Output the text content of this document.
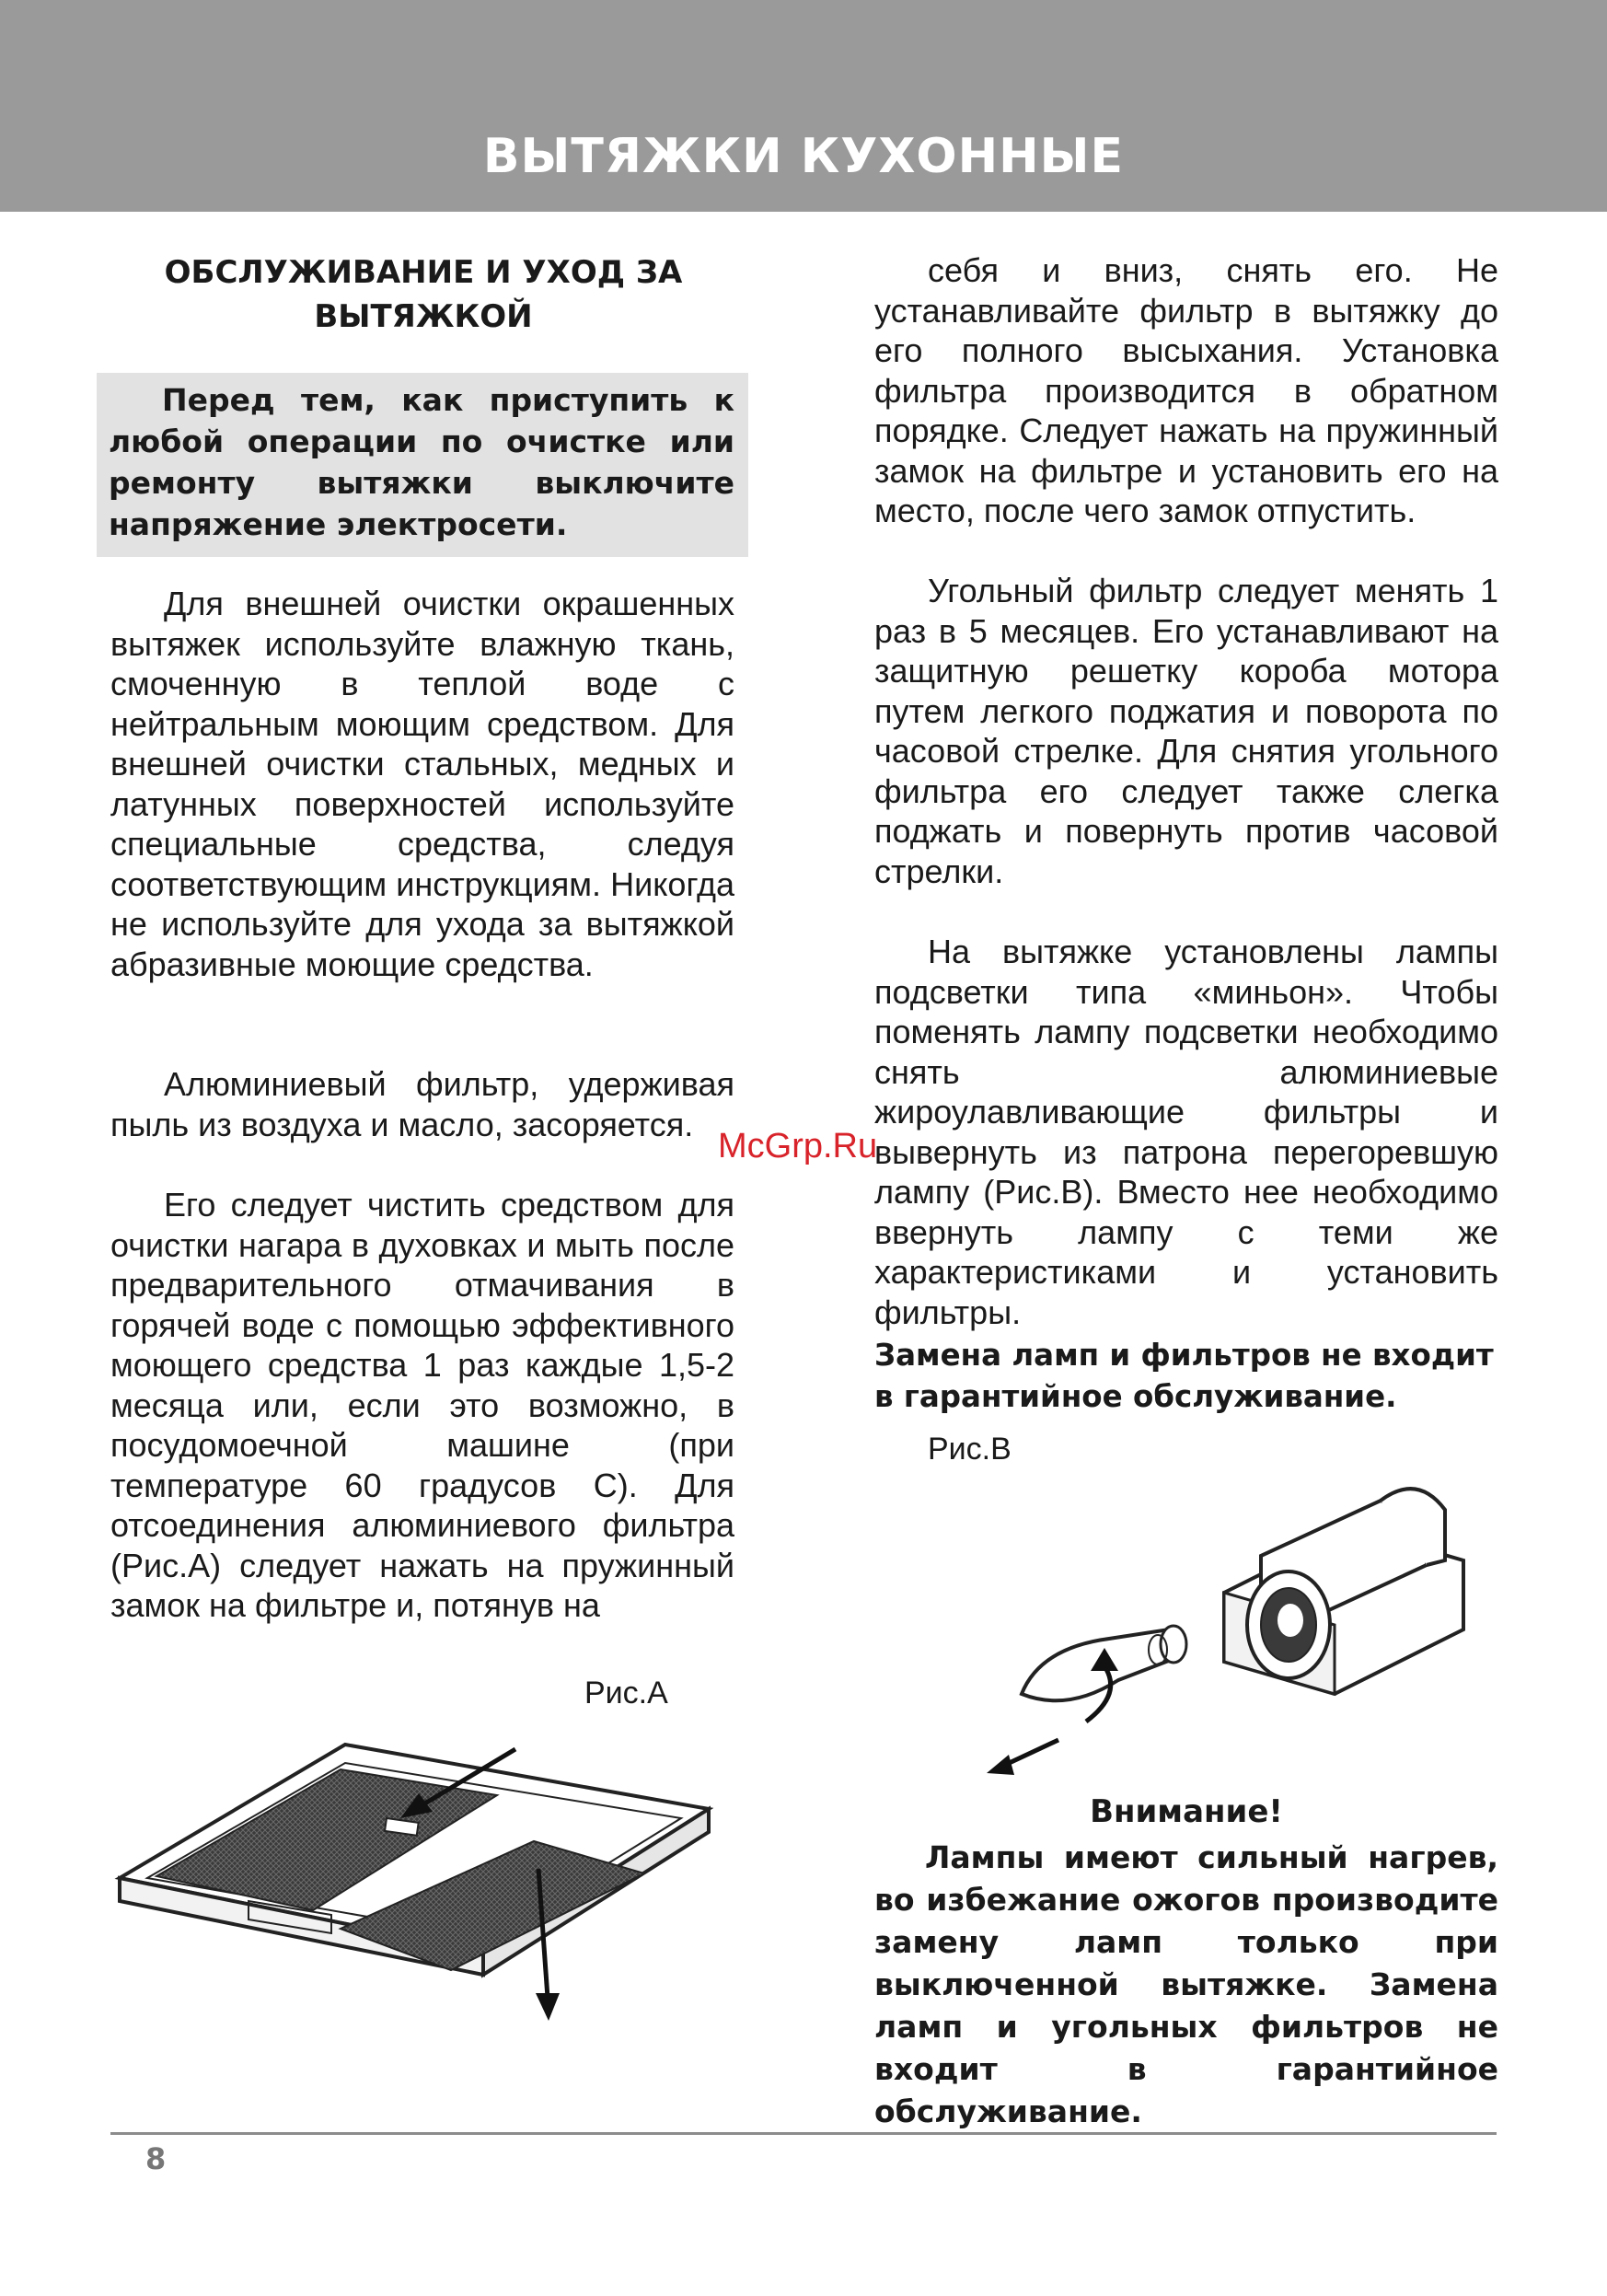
ВЫТЯЖКИ КУХОННЫЕ
ОБСЛУЖИВАНИЕ И УХОД ЗА ВЫТЯЖКОЙ
Перед тем, как приступить к любой операции по очистке или ремонту вытяжки выключите напряжение электросети.

Для внешней очистки окрашенных вытяжек используйте влажную ткань, смоченную в теплой воде с нейтральным моющим средством. Для внешней очистки стальных, медных и латунных поверхностей используйте специальные средства, следуя соответствующим инструкциям. Никогда не используйте для ухода за вытяжкой абразивные моющие средства.

Алюминиевый фильтр, удерживая пыль из воздуха и масло, засоряется.

Его следует чистить средством для очистки нагара в духовках и мыть после предварительного отмачивания в горячей воде с помощью эффективного моющего средства 1 раз каждые 1,5-2 месяца или, если это возможно, в посудомоечной машине (при температуре 60 градусов С). Для отсоединения алюминиевого фильтра (Рис.А) следует нажать на пружинный замок на фильтре и, потянув на

Рис.А

себя и вниз, снять его. Не устанавливайте фильтр в вытяжку до его полного высыхания. Установка фильтра производится в обратном порядке. Следует нажать на пружинный замок на фильтре и установить его на место, после чего замок отпустить.

Угольный фильтр следует менять 1 раз в 5 месяцев. Его устанавливают на защитную решетку короба мотора путем легкого поджатия и поворота по часовой стрелке. Для снятия угольного фильтра его следует также слегка поджать и повернуть против часовой стрелки.

На вытяжке установлены лампы подсветки типа «миньон». Чтобы поменять лампу подсветки необходимо снять алюминиевые жироулавливающие фильтры и вывернуть из патрона перегоревшую лампу (Рис.В). Вместо нее необходимо ввернуть лампу с теми же характеристиками и установить фильтры.

Замена ламп и фильтров не входит в гарантийное обслуживание.

Рис.В
Внимание!

Лампы имеют сильный нагрев, во избежание ожогов производите замену ламп только при выключенной вытяжке. Замена ламп и угольных фильтров не входит в гарантийное обслуживание.

McGrp.Ru
8
